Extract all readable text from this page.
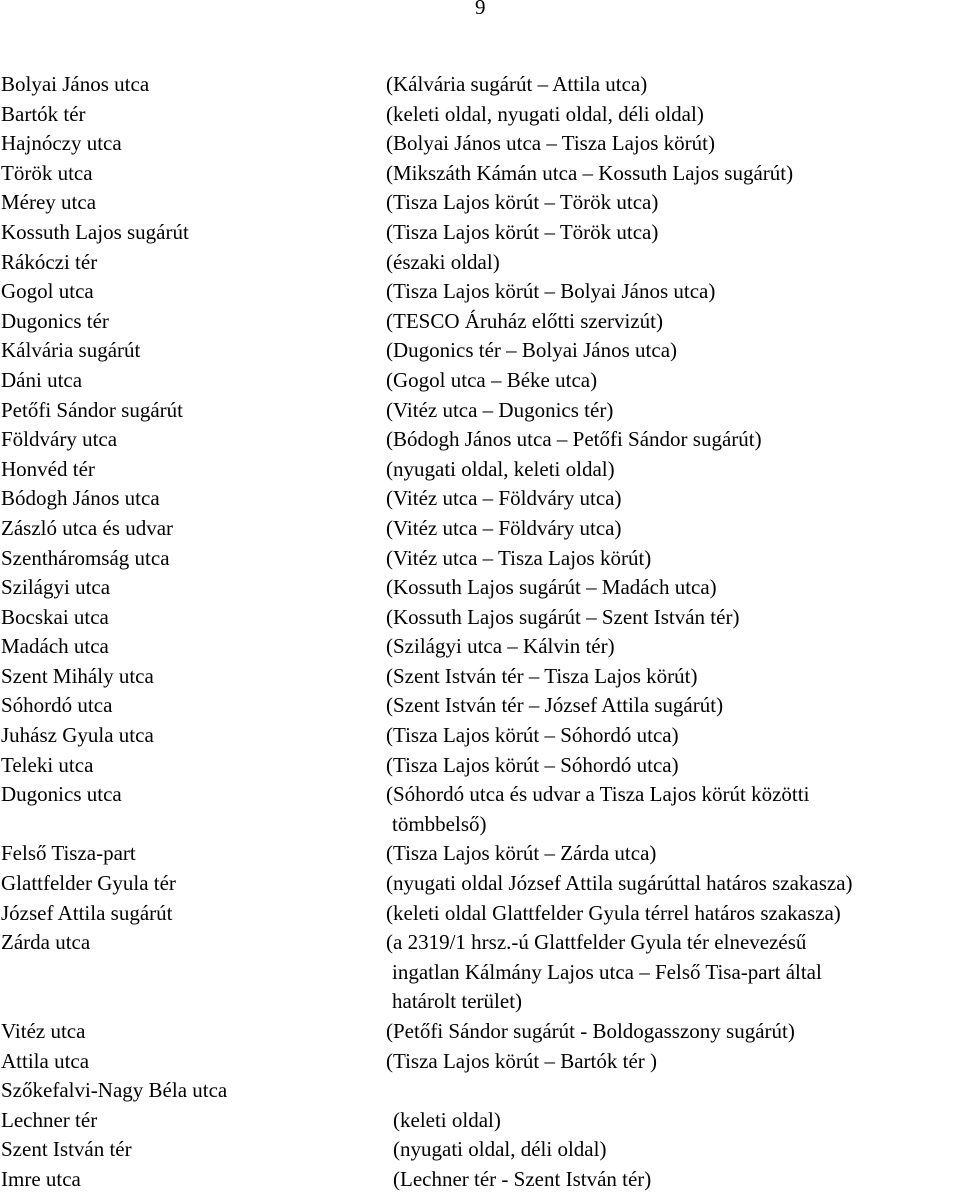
9
Bolyai János utca	(Kálvária sugárút – Attila utca)
Bartók tér	(keleti oldal, nyugati oldal, déli oldal)
Hajnóczy utca	(Bolyai János utca – Tisza Lajos körút)
Török utca	(Mikszáth Kámán utca – Kossuth Lajos sugárút)
Mérey utca	(Tisza Lajos körút – Török utca)
Kossuth Lajos sugárút	(Tisza Lajos körút – Török utca)
Rákóczi tér	(északi oldal)
Gogol utca	(Tisza Lajos körút – Bolyai János utca)
Dugonics tér	(TESCO Áruház előtti szervizút)
Kálvária sugárút	(Dugonics tér – Bolyai János utca)
Dáni utca	(Gogol utca – Béke utca)
Petőfi Sándor sugárút	(Vitéz utca – Dugonics tér)
Földváry utca	(Bódogh János utca – Petőfi Sándor sugárút)
Honvéd tér	(nyugati oldal, keleti oldal)
Bódogh János utca	(Vitéz utca – Földváry utca)
Zászló utca és udvar	(Vitéz utca – Földváry utca)
Szentháromság utca	(Vitéz utca – Tisza Lajos körút)
Szilágyi utca	(Kossuth Lajos sugárút – Madách utca)
Bocskai utca	(Kossuth Lajos sugárút – Szent István tér)
Madách utca	(Szilágyi utca – Kálvin tér)
Szent Mihály utca	(Szent István tér – Tisza Lajos körút)
Sóhordó utca	(Szent István tér – József Attila sugárút)
Juhász Gyula utca	(Tisza Lajos körút – Sóhordó utca)
Teleki utca	(Tisza Lajos körút – Sóhordó utca)
Dugonics utca	(Sóhordó utca és udvar a Tisza Lajos körút közötti
tömbbelső)
Felső Tisza-part	(Tisza Lajos körút – Zárda utca)
Glattfelder Gyula tér	(nyugati oldal József Attila sugárúttal határos szakasza)
József Attila sugárút	(keleti oldal Glattfelder Gyula térrel határos szakasza)
Zárda utca	(a 2319/1 hrsz.-ú Glattfelder Gyula tér elnevezésű
ingatlan Kálmány Lajos utca – Felső Tisa-part által
határolt terület)
Vitéz utca	(Petőfi Sándor sugárút - Boldogasszony sugárút)
Attila utca	(Tisza Lajos körút – Bartók tér )
Szőkefalvi-Nagy Béla utca
Lechner tér	(keleti oldal)
Szent István tér	(nyugati oldal, déli oldal)
Imre utca	(Lechner tér - Szent István tér)
